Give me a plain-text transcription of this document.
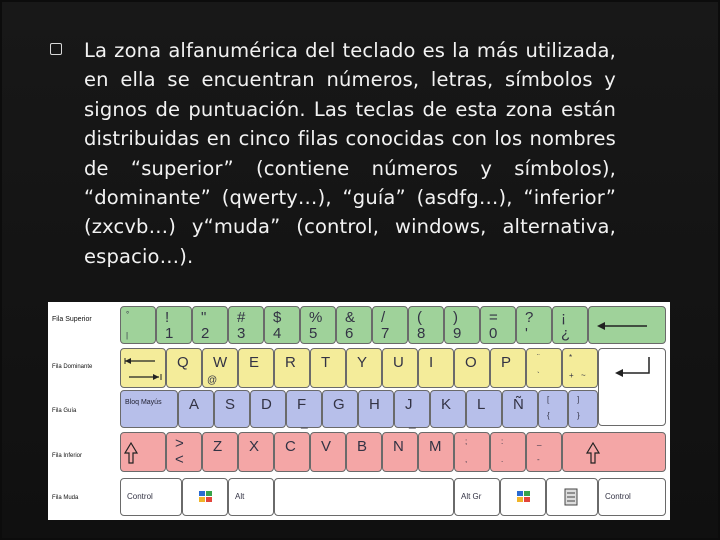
La zona alfanumérica del teclado es la más utilizada, en ella se encuentran números, letras, símbolos y signos de puntuación. Las teclas de esta zona están distribuidas en cinco filas conocidas con los nombres de “superior” (contiene números y símbolos), “dominante” (qwerty…), “guía” (asdfg…), “inferior” (zxcvb…) y“muda” (control, windows, alternativa, espacio…).
Fila Superior
Fila Dominante
Fila Guía
Fila Inferior
Fila Muda
°
|
!
1
"
2
#
3
$
4
%
5
&
6
/
7
(
8
)
9
=
0
?
'
¡
¿
Q W
@
E R T Y U I O P	¨
`
*
+ ~
Bloq Mayús A S D F
_
G H J
_
K L Ñ	[
{
]
}
>
<
Z X C V B N M	;
,
:
.
_
-
Control	Alt	Alt Gr	Control
